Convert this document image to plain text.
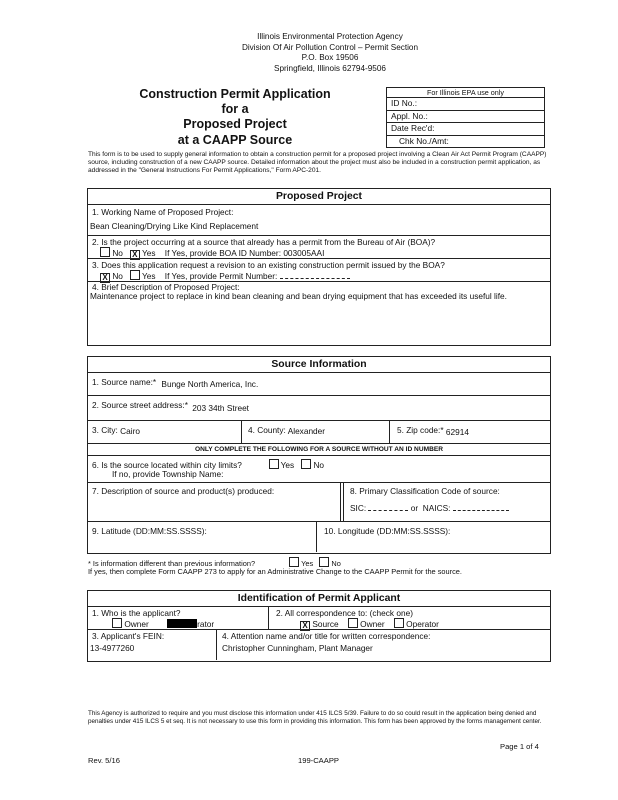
Illinois Environmental Protection Agency
Division Of Air Pollution Control – Permit Section
P.O. Box 19506
Springfield, Illinois 62794-9506
Construction Permit Application
for a
Proposed Project
at a CAAPP Source
For Illinois EPA use only
ID No.:
Appl. No.:
Date Rec'd:
Chk No./Amt:
This form is to be used to supply general information to obtain a construction permit for a proposed project involving a Clean Air Act Permit Program (CAAPP) source, including construction of a new CAAPP source. Detailed information about the project must also be included in a construction permit application, as addressed in the "General Instructions For Permit Applications," Form APC-201.
Proposed Project
1. Working Name of Proposed Project:
Bean Cleaning/Drying Like Kind Replacement
2. Is the project occurring at a source that already has a permit from the Bureau of Air (BOA)?
No X Yes If Yes, provide BOA ID Number: 003005AAI
3. Does this application request a revision to an existing construction permit issued by the BOA?
X No Yes If Yes, provide Permit Number:
4. Brief Description of Proposed Project:
Maintenance project to replace in kind bean cleaning and bean drying equipment that has exceeded its useful life.
Source Information
1. Source name:* Bunge North America, Inc.
2. Source street address:* 203 34th Street
3. City: Cairo	4. County: Alexander	5. Zip code:* 62914
ONLY COMPLETE THE FOLLOWING FOR A SOURCE WITHOUT AN ID NUMBER
6. Is the source located within city limits?	Yes No
If no, provide Township Name:
7. Description of source and product(s) produced:	8. Primary Classification Code of source:
SIC:	or NAICS:
9. Latitude (DD:MM:SS.SSSS):	10. Longitude (DD:MM:SS.SSSS):
* Is information different than previous information?	Yes No
If yes, then complete Form CAAPP 273 to apply for an Administrative Change to the CAAPP Permit for the source.
Identification of Permit Applicant
1. Who is the applicant?
Owner	rator
2. All correspondence to: (check one)
X Source	Owner	Operator
3. Applicant's FEIN:
13-4977260
4. Attention name and/or title for written correspondence:
Christopher Cunningham, Plant Manager
This Agency is authorized to require and you must disclose this information under 415 ILCS 5/39. Failure to do so could result in the application being denied and penalties under 415 ILCS 5 et seq. It is not necessary to use this form in providing this information. This form has been approved by the forms management center.
Page 1 of 4
Rev. 5/16	199-CAAPP
